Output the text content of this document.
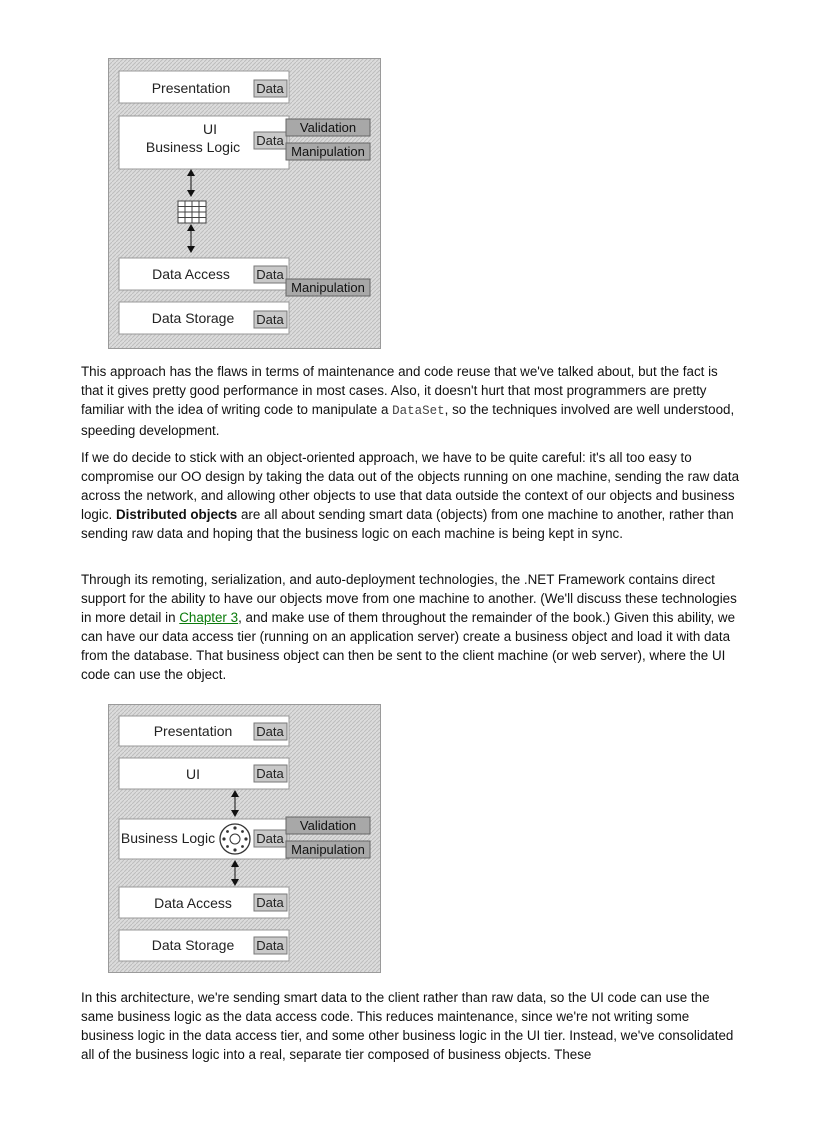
Presentation Data
UI
Business Logic Data
Validation
Manipulation
Data Access Data
Manipulation
Data Storage Data

This approach has the flaws in terms of maintenance and code reuse that we've talked about, but the fact is that it gives pretty good performance in most cases. Also, it doesn't hurt that most programmers are pretty familiar with the idea of writing code to manipulate a DataSet, so the techniques involved are well understood, speeding development.

If we do decide to stick with an object-oriented approach, we have to be quite careful: it's all too easy to compromise our OO design by taking the data out of the objects running on one machine, sending the raw data across the network, and allowing other objects to use that data outside the context of our objects and business logic. Distributed objects are all about sending smart data (objects) from one machine to another, rather than sending raw data and hoping that the business logic on each machine is being kept in sync.

Through its remoting, serialization, and auto-deployment technologies, the .NET Framework contains direct support for the ability to have our objects move from one machine to another. (We'll discuss these technologies in more detail in Chapter 3, and make use of them throughout the remainder of the book.) Given this ability, we can have our data access tier (running on an application server) create a business object and load it with data from the database. That business object can then be sent to the client machine (or web server), where the UI code can use the object.

Presentation Data
UI	Data
Business Logic	Data
Validation
Manipulation
Data Access Data
Data Storage Data

In this architecture, we're sending smart data to the client rather than raw data, so the UI code can use the same business logic as the data access code. This reduces maintenance, since we're not writing some business logic in the data access tier, and some other business logic in the UI tier. Instead, we've consolidated all of the business logic into a real, separate tier composed of business objects. These
